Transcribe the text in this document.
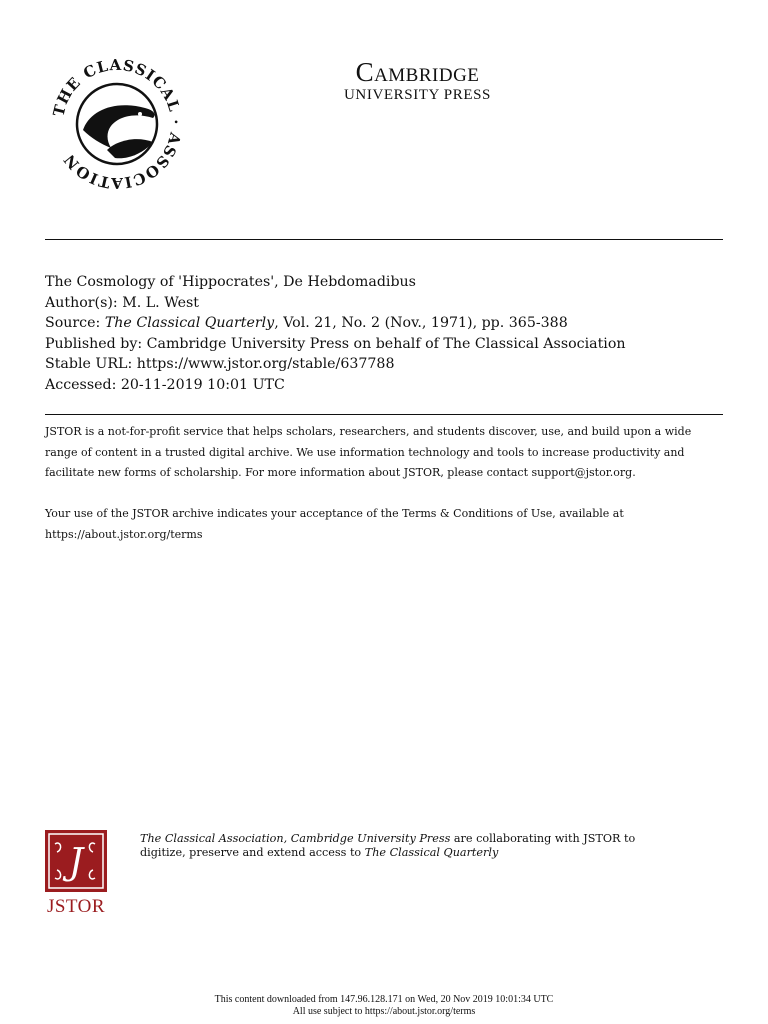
THE CLASSICAL · ASSOCIATION
Cambridge
UNIVERSITY PRESS
The Cosmology of 'Hippocrates', De Hebdomadibus
Author(s): M. L. West
Source: The Classical Quarterly, Vol. 21, No. 2 (Nov., 1971), pp. 365-388
Published by: Cambridge University Press on behalf of The Classical Association
Stable URL: https://www.jstor.org/stable/637788
Accessed: 20-11-2019 10:01 UTC

JSTOR is a not-for-profit service that helps scholars, researchers, and students discover, use, and build upon a wide

range of content in a trusted digital archive. We use information technology and tools to increase productivity and

facilitate new forms of scholarship. For more information about JSTOR, please contact support@jstor.org.

Your use of the JSTOR archive indicates your acceptance of the Terms & Conditions of Use, available at

https://about.jstor.org/terms

J
JSTOR
The Classical Association, Cambridge University Press are collaborating with JSTOR to
digitize, preserve and extend access to The Classical Quarterly
This content downloaded from 147.96.128.171 on Wed, 20 Nov 2019 10:01:34 UTC
All use subject to https://about.jstor.org/terms
